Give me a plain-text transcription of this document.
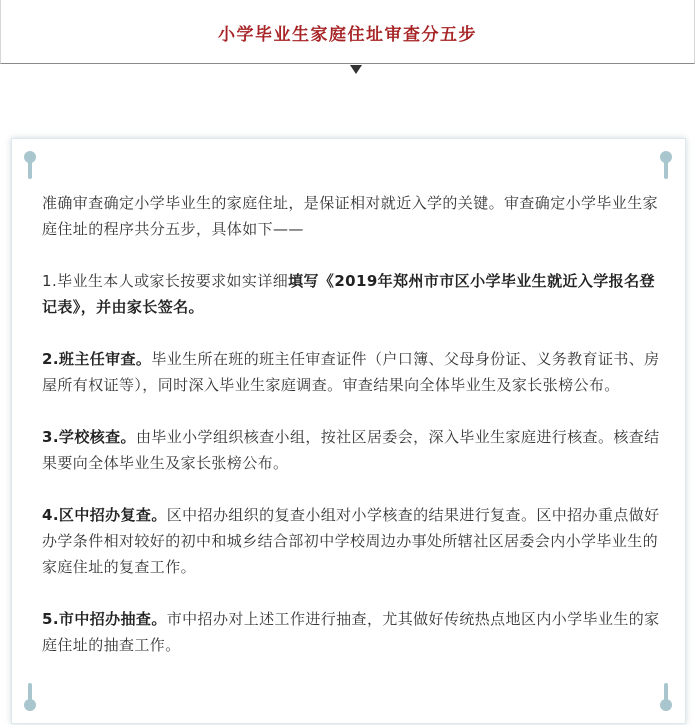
小学毕业生家庭住址审查分五步

准确审查确定小学毕业生的家庭住址，是保证相对就近入学的关键。审查确定小学毕业生家庭住址的程序共分五步，具体如下——

1.毕业生本人或家长按要求如实详细填写《2019年郑州市市区小学毕业生就近入学报名登记表》，并由家长签名。

2.班主任审查。毕业生所在班的班主任审查证件（户口簿、父母身份证、义务教育证书、房屋所有权证等），同时深入毕业生家庭调查。审查结果向全体毕业生及家长张榜公布。

3.学校核查。由毕业小学组织核查小组，按社区居委会，深入毕业生家庭进行核查。核查结果要向全体毕业生及家长张榜公布。

4.区中招办复查。区中招办组织的复查小组对小学核查的结果进行复查。区中招办重点做好办学条件相对较好的初中和城乡结合部初中学校周边办事处所辖社区居委会内小学毕业生的家庭住址的复查工作。

5.市中招办抽查。市中招办对上述工作进行抽查，尤其做好传统热点地区内小学毕业生的家庭住址的抽查工作。
